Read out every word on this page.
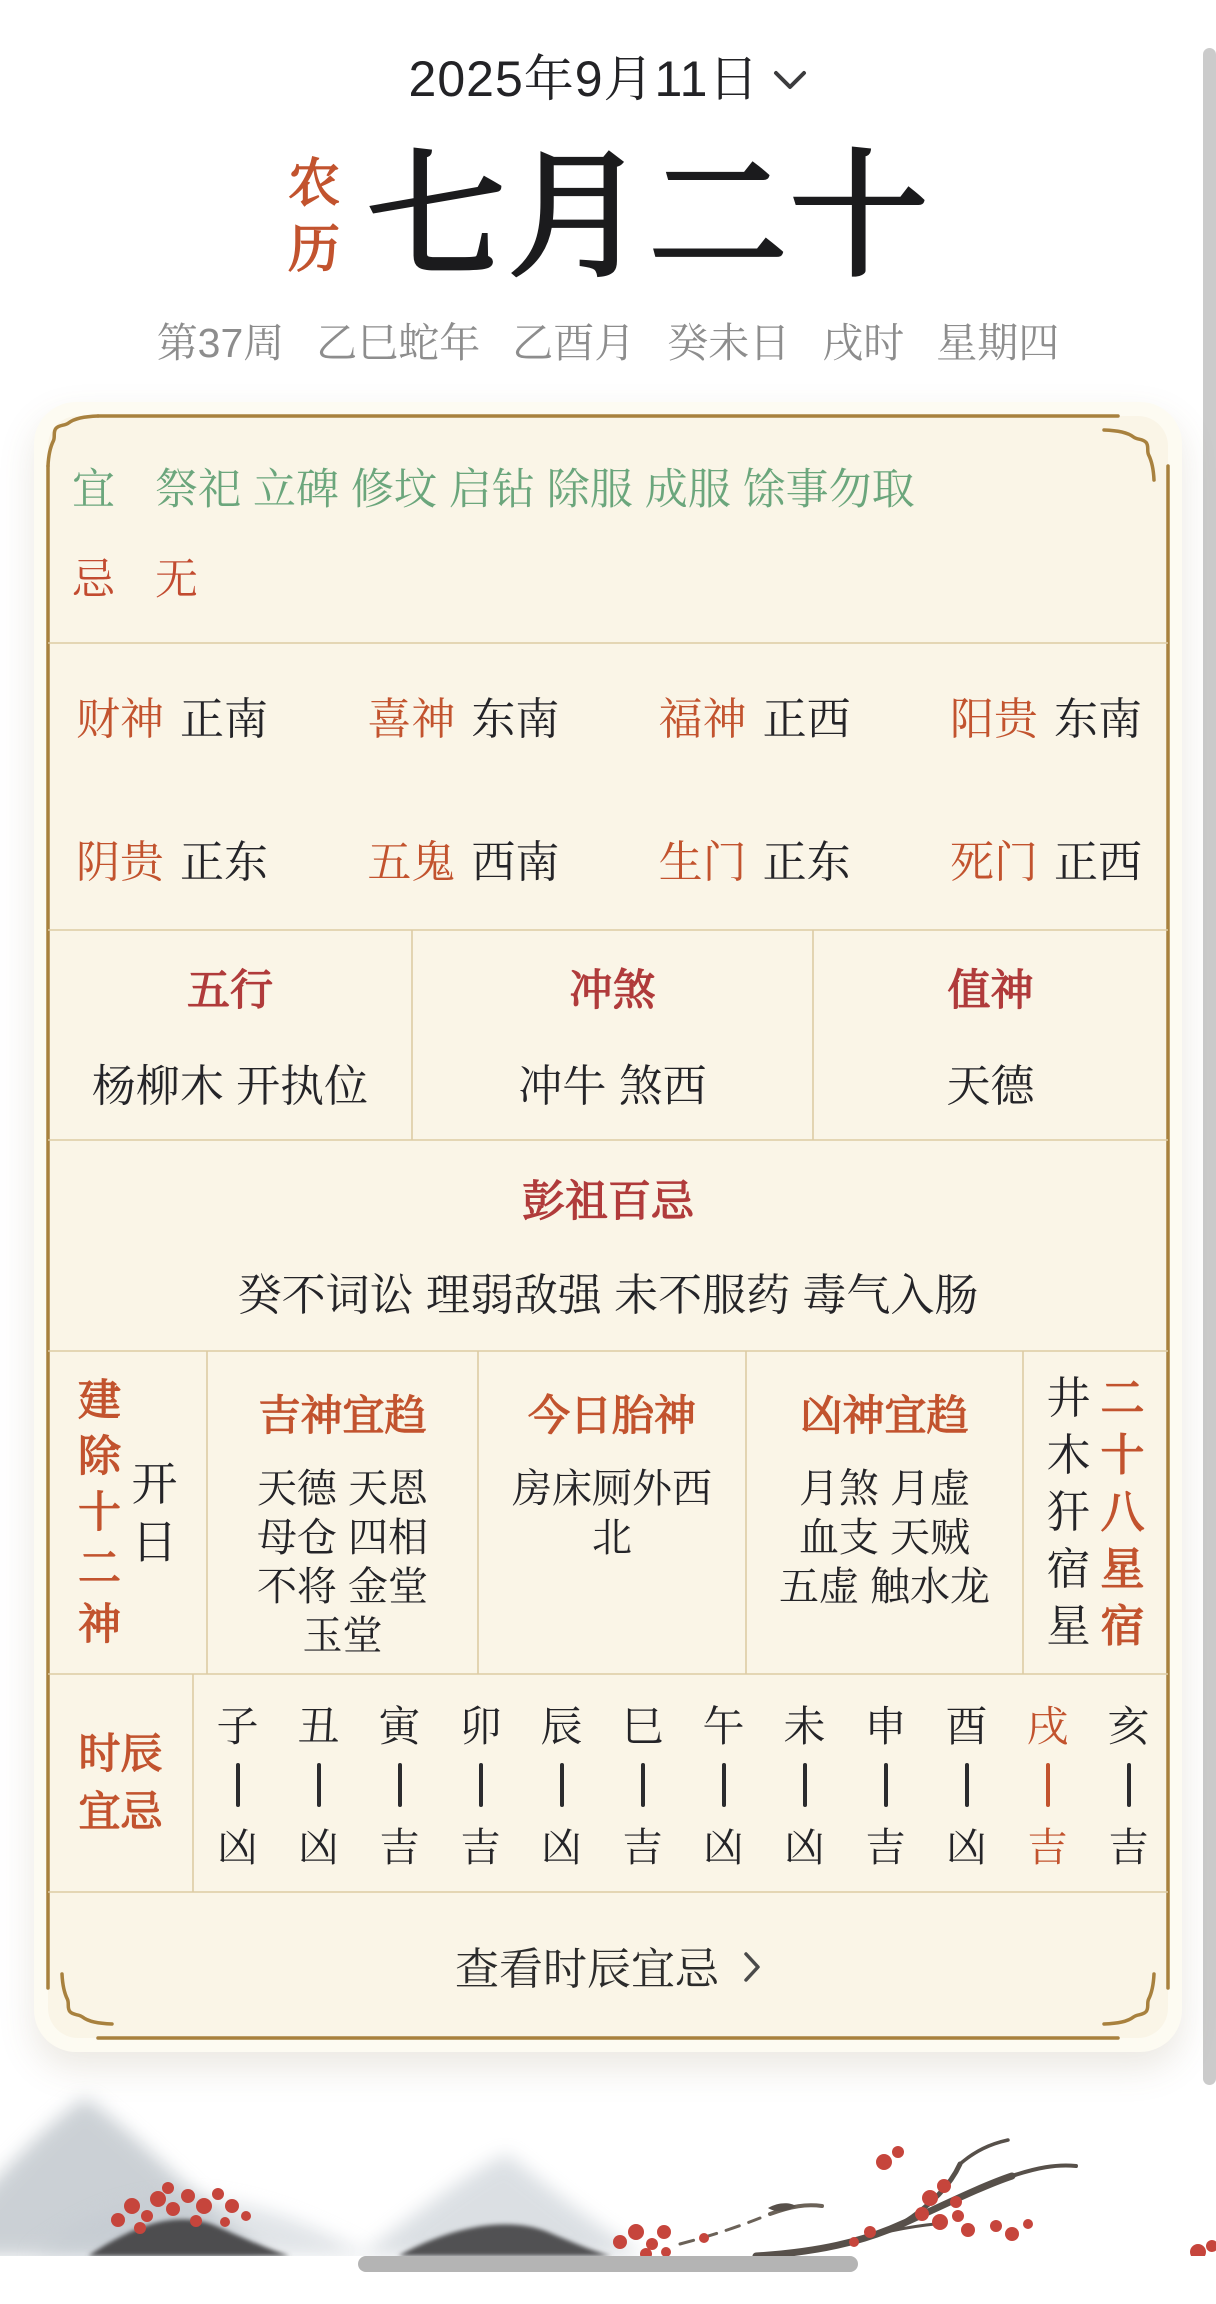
2025年9月11日
农历 七月二十
第37周 乙巳蛇年 乙酉月 癸未日 戌时 星期四
宜 祭祀 立碑 修坟 启钻 除服 成服 馀事勿取
忌 无
财神 正南 喜神 东南 福神 正西 阳贵 东南
阴贵 正东 五鬼 西南 生门 正东 死门 正西
五行
杨柳木 开执位
冲煞
冲牛 煞西
值神
天德
彭祖百忌
癸不词讼 理弱敌强 未不服药 毒气入肠
建除十二神
开日
吉神宜趋
天德 天恩
母仓 四相
不将 金堂
玉堂
今日胎神
房床厕外西北
凶神宜趋
月煞 月虚
血支 天贼
五虚 触水龙
井木犴宿星
二十八星宿
时辰宜忌
子
凶
丑
凶
寅
吉
卯
吉
辰
凶
巳
吉
午
凶
未
凶
申
吉
酉
凶
戌
吉
亥
吉
查看时辰宜忌
